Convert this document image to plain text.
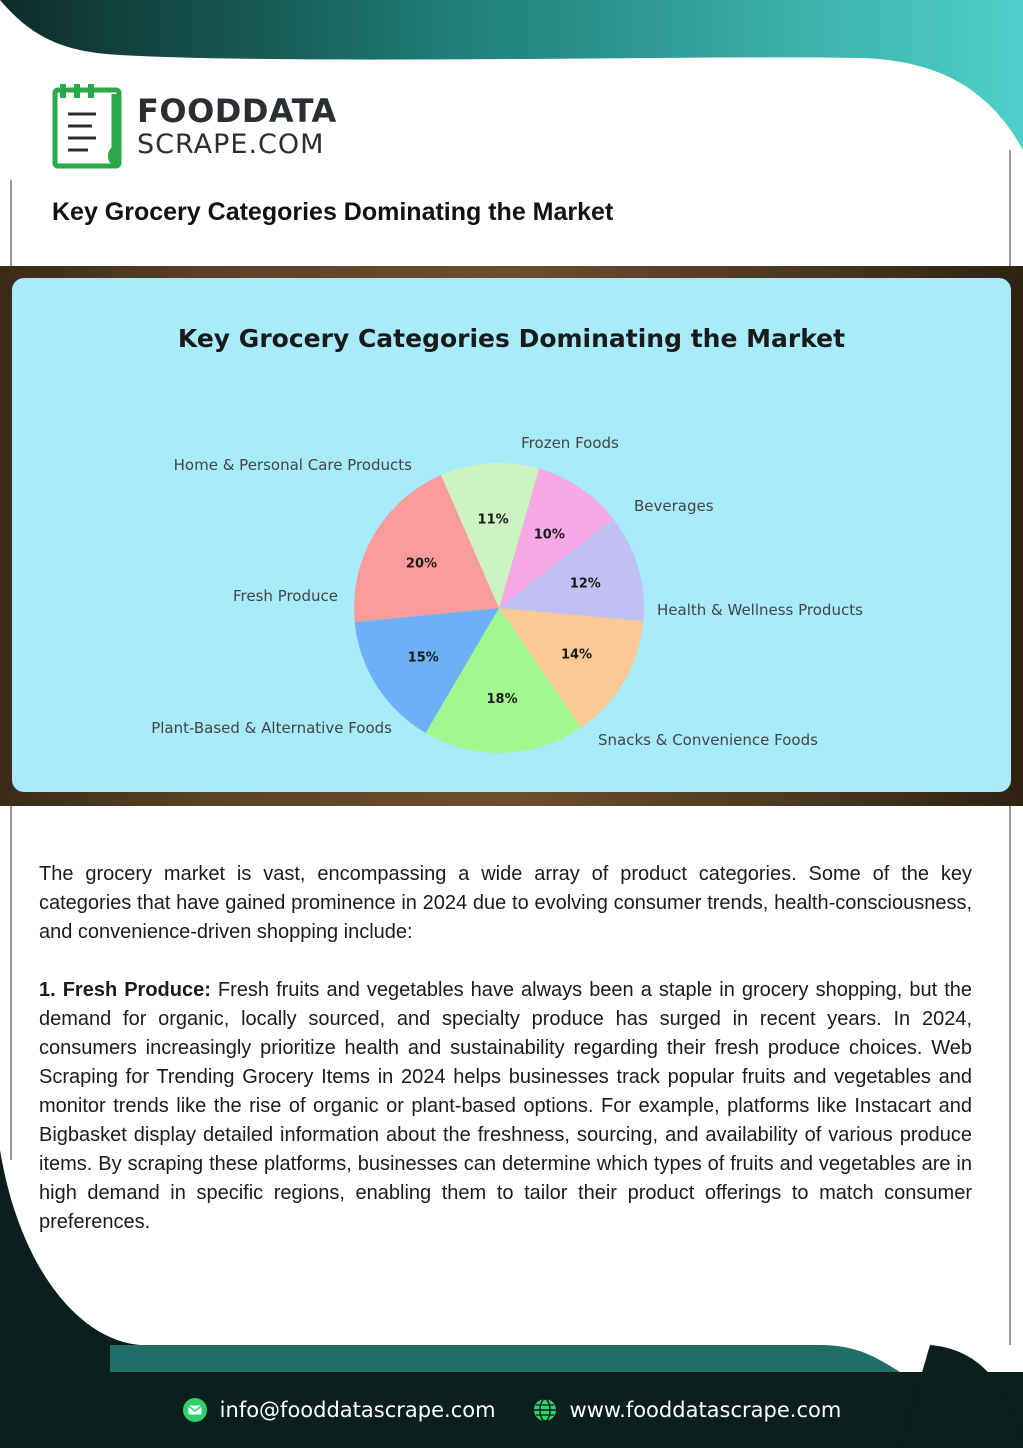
FOODDATA
SCRAPE.COM
Key Grocery Categories Dominating the Market
Key Grocery Categories Dominating the Market
10%
Frozen Foods
12%
Beverages
14%
Health & Wellness Products
18%
Snacks & Convenience Foods
15%
Plant-Based & Alternative Foods
20%
Fresh Produce
11%
Home & Personal Care Products

The grocery market is vast, encompassing a wide array of product categories. Some of the key categories that have gained prominence in 2024 due to evolving consumer trends, health-consciousness, and convenience-driven shopping include:

1. Fresh Produce: Fresh fruits and vegetables have always been a staple in grocery shopping, but the demand for organic, locally sourced, and specialty produce has surged in recent years. In 2024, consumers increasingly prioritize health and sustainability regarding their fresh produce choices. Web Scraping for Trending Grocery Items in 2024 helps businesses track popular fruits and vegetables and monitor trends like the rise of organic or plant-based options. For example, platforms like Instacart and Bigbasket display detailed information about the freshness, sourcing, and availability of various produce items. By scraping these platforms, businesses can determine which types of fruits and vegetables are in high demand in specific regions, enabling them to tailor their product offerings to match consumer preferences.

info@fooddatascrape.com	www.fooddatascrape.com
